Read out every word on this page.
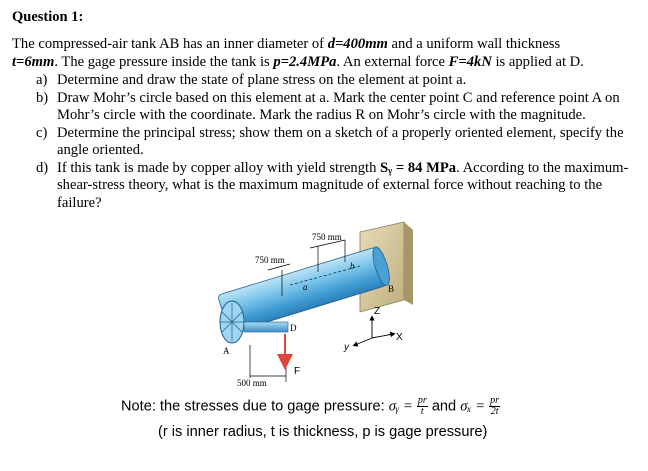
Question 1:
The compressed-air tank AB has an inner diameter of d=400mm and a uniform wall thickness
t=6mm. The gage pressure inside the tank is p=2.4MPa. An external force F=4kN is applied at D.
a) Determine and draw the state of plane stress on the element at point a.
b) Draw Mohr’s circle based on this element at a. Mark the center point C and reference point A on Mohr’s circle with the coordinate. Mark the radius R on Mohr’s circle with the magnitude.
c) Determine the principal stress; show them on a sketch of a properly oriented element, specify the angle oriented.
d) If this tank is made by copper alloy with yield strength Sᵧ = 84 MPa. According to the maximum-shear-stress theory, what is the maximum magnitude of external force without reaching to the failure?
750 mm
750 mm
500 mm
a
b
A
B
D
F
X
y
Z
Note: the stresses due to gage pressure: σᵧ = $\frac{pr}{t}$ and $\sigma_x = \frac{pr}{2t}$
(r is inner radius, t is thickness, p is gage pressure)
